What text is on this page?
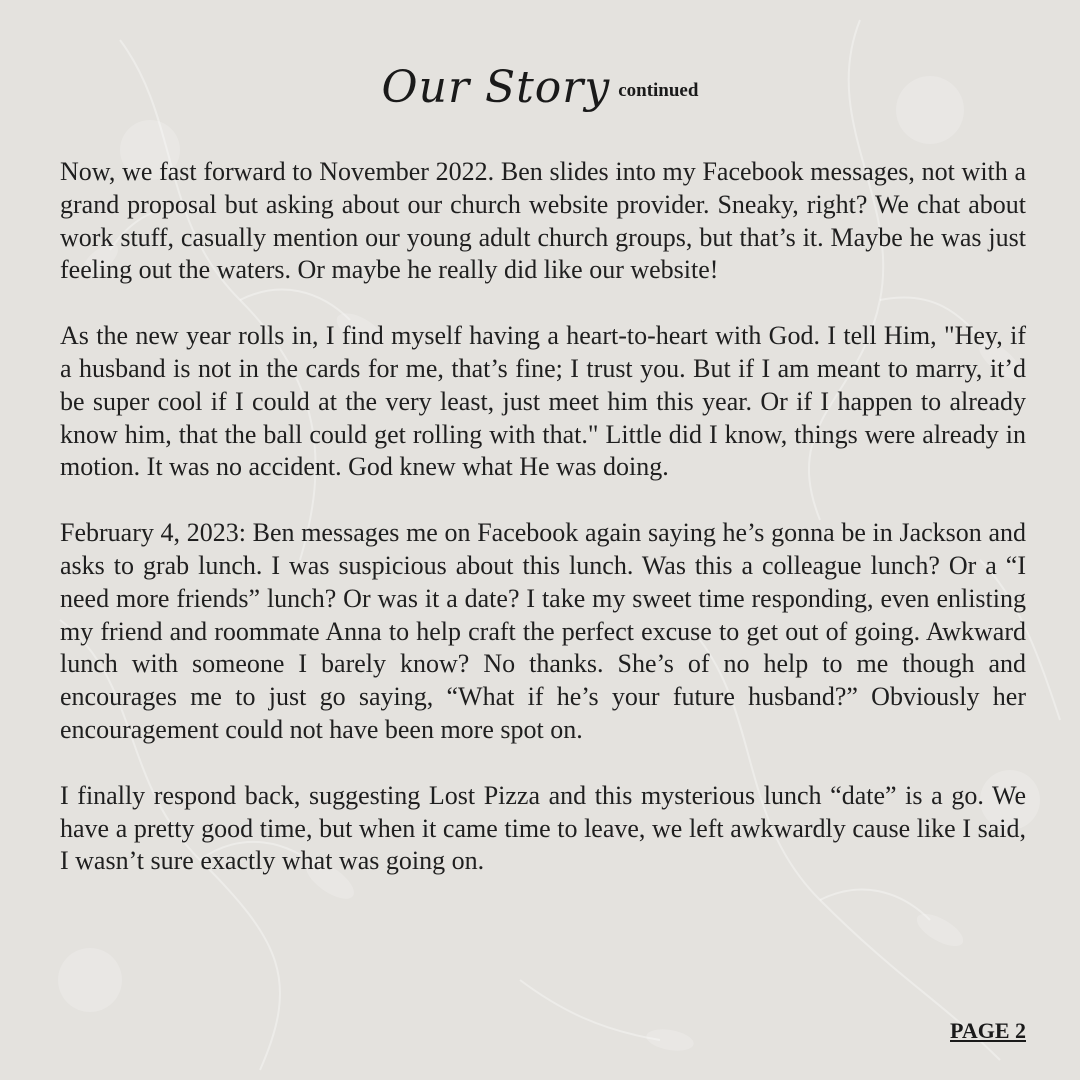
Our Story continued

Now, we fast forward to November 2022. Ben slides into my Facebook messages, not with a grand proposal but asking about our church website provider. Sneaky, right? We chat about work stuff, casually mention our young adult church groups, but that’s it. Maybe he was just feeling out the waters. Or maybe he really did like our website!

As the new year rolls in, I find myself having a heart-to-heart with God. I tell Him, "Hey, if a husband is not in the cards for me, that’s fine; I trust you. But if I am meant to marry, it’d be super cool if I could at the very least, just meet him this year. Or if I happen to already know him, that the ball could get rolling with that." Little did I know, things were already in motion. It was no accident. God knew what He was doing.

February 4, 2023: Ben messages me on Facebook again saying he’s gonna be in Jackson and asks to grab lunch. I was suspicious about this lunch. Was this a colleague lunch? Or a “I need more friends” lunch? Or was it a date? I take my sweet time responding, even enlisting my friend and roommate Anna to help craft the perfect excuse to get out of going. Awkward lunch with someone I barely know? No thanks. She’s of no help to me though and encourages me to just go saying, “What if he’s your future husband?” Obviously her encouragement could not have been more spot on.

I finally respond back, suggesting Lost Pizza and this mysterious lunch “date” is a go. We have a pretty good time, but when it came time to leave, we left awkwardly cause like I said, I wasn’t sure exactly what was going on.

PAGE 2
